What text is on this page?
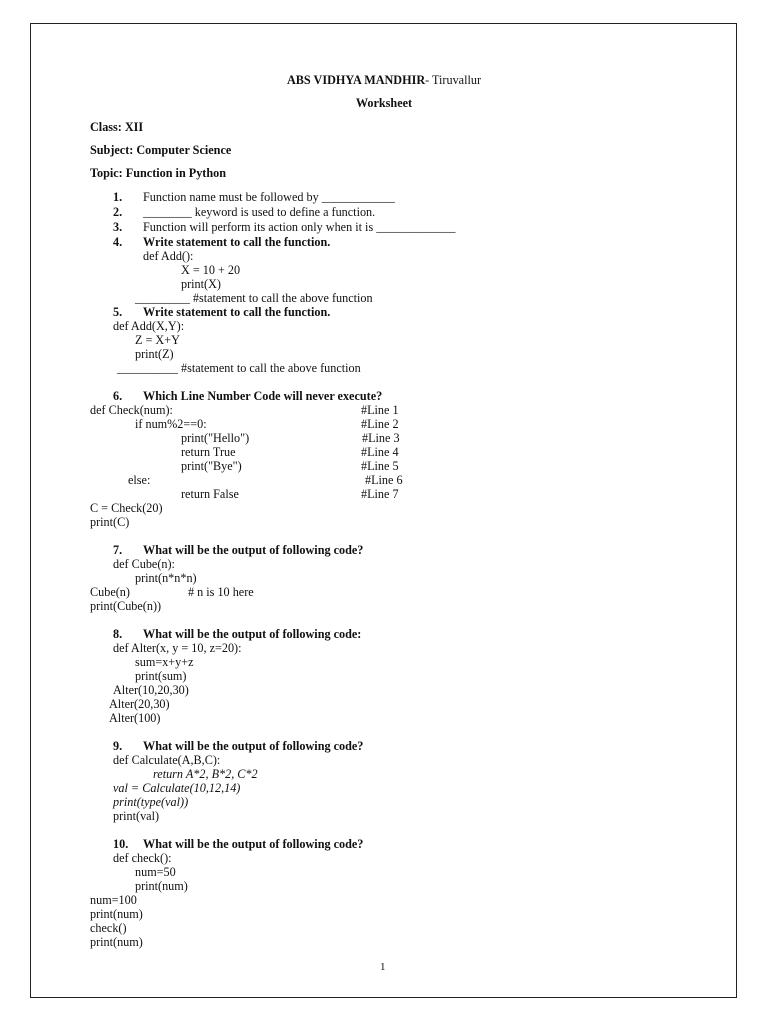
ABS VIDHYA MANDHIR- Tiruvallur
Worksheet
Class: XII
Subject: Computer Science
Topic: Function in Python
1. Function name must be followed by ____________
2. ________ keyword is used to define a function.
3. Function will perform its action only when it is _____________
4. Write statement to call the function.
def Add():
X = 10 + 20
print(X)
_________ #statement to call the above function
5. Write statement to call the function.
def Add(X,Y):
Z = X+Y
print(Z)
__________ #statement to call the above function
6. Which Line Number Code will never execute?
def Check(num):	#Line 1
if num%2==0:	#Line 2
print("Hello")	#Line 3
return True	#Line 4
print("Bye")	#Line 5
else:	#Line 6
return False	#Line 7
C = Check(20)
print(C)
7. What will be the output of following code?
def Cube(n):
print(n*n*n)
Cube(n)	# n is 10 here
print(Cube(n))
8. What will be the output of following code:
def Alter(x, y = 10, z=20):
sum=x+y+z
print(sum)
Alter(10,20,30)
Alter(20,30)
Alter(100)
9. What will be the output of following code?
def Calculate(A,B,C):
return A*2, B*2, C*2
val = Calculate(10,12,14)
print(type(val))
print(val)
10. What will be the output of following code?
def check():
num=50
print(num)
num=100
print(num)
check()
print(num)
1
